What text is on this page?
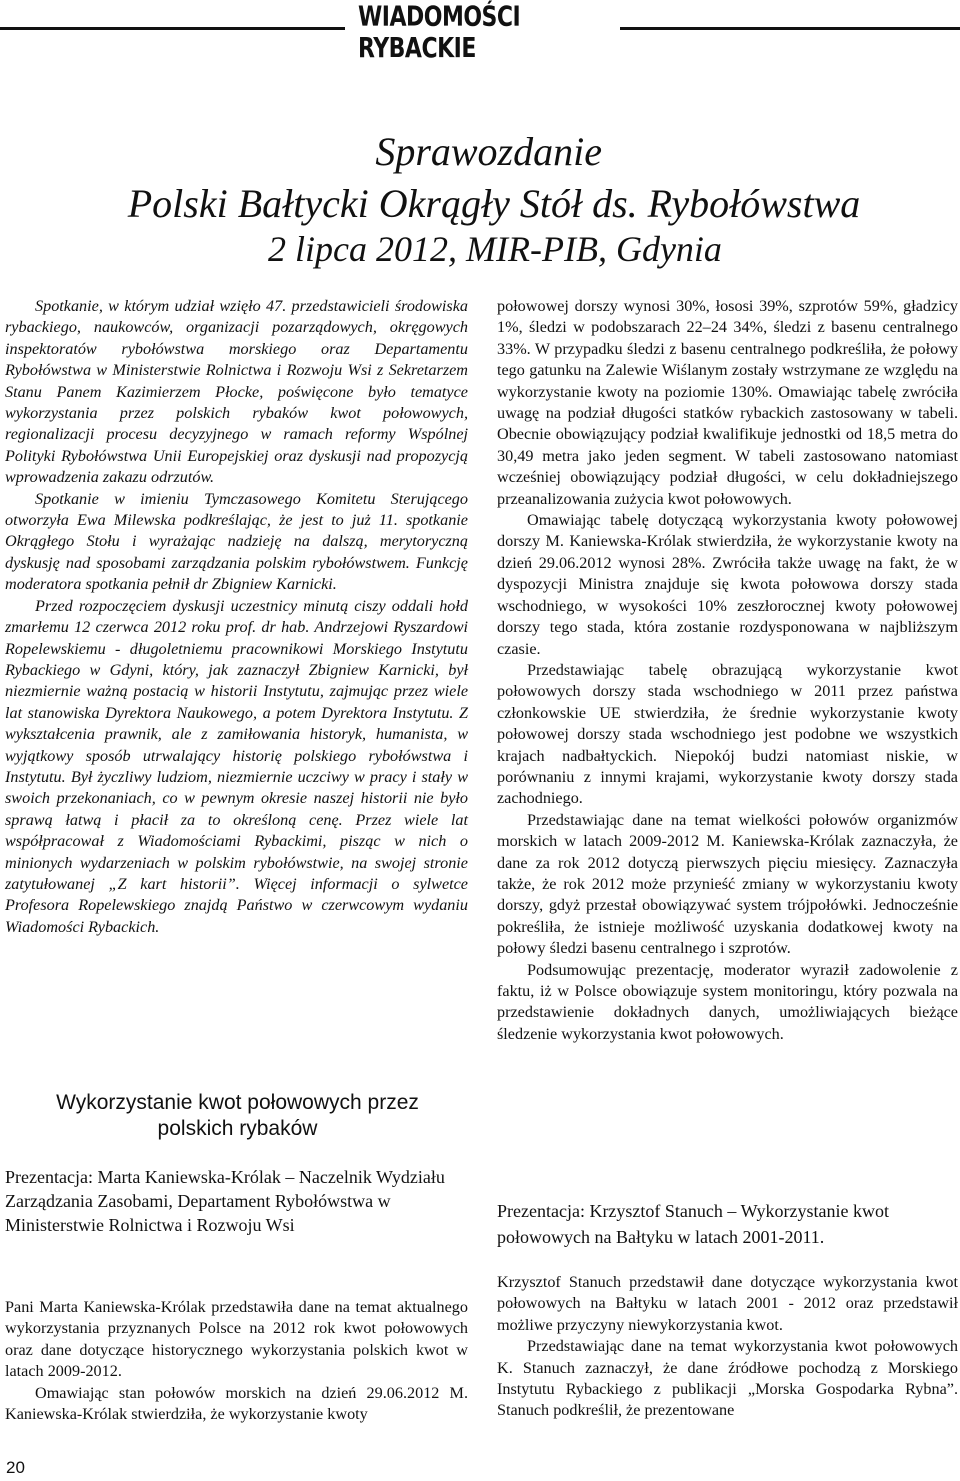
WIADOMOŚCI RYBACKIE
Sprawozdanie
Polski Bałtycki Okrągły Stół ds. Rybołówstwa
2 lipca 2012, MIR-PIB, Gdynia

Spotkanie, w którym udział wzięło 47. przedstawicieli środowiska rybackiego, naukowców, organizacji pozarządowych, okręgowych inspektoratów rybołówstwa morskiego oraz Departamentu Rybołówstwa w Ministerstwie Rolnictwa i Rozwoju Wsi z Sekretarzem Stanu Panem Kazimierzem Płocke, poświęcone było tematyce wykorzystania przez polskich rybaków kwot połowowych, regionalizacji procesu decyzyjnego w ramach reformy Wspólnej Polityki Rybołówstwa Unii Europejskiej oraz dyskusji nad propozycją wprowadzenia zakazu odrzutów.

Spotkanie w imieniu Tymczasowego Komitetu Sterującego otworzyła Ewa Milewska podkreślając, że jest to już 11. spotkanie Okrągłego Stołu i wyrażając nadzieję na dalszą, merytoryczną dyskusję nad sposobami zarządzania polskim rybołówstwem. Funkcję moderatora spotkania pełnił dr Zbigniew Karnicki.

Przed rozpoczęciem dyskusji uczestnicy minutą ciszy oddali hołd zmarłemu 12 czerwca 2012 roku prof. dr hab. Andrzejowi Ryszardowi Ropelewskiemu - długoletniemu pracownikowi Morskiego Instytutu Rybackiego w Gdyni, który, jak zaznaczył Zbigniew Karnicki, był niezmiernie ważną postacią w historii Instytutu, zajmując przez wiele lat stanowiska Dyrektora Naukowego, a potem Dyrektora Instytutu. Z wykształcenia prawnik, ale z zamiłowania historyk, humanista, w wyjątkowy sposób utrwalający historię polskiego rybołówstwa i Instytutu. Był życzliwy ludziom, niezmiernie uczciwy w pracy i stały w swoich przekonaniach, co w pewnym okresie naszej historii nie było sprawą łatwą i płacił za to określoną cenę. Przez wiele lat współpracował z Wiadomościami Rybackimi, pisząc w nich o minionych wydarzeniach w polskim rybołówstwie, na swojej stronie zatytułowanej „Z kart historii”. Więcej informacji o sylwetce Profesora Ropelewskiego znajdą Państwo w czerwcowym wydaniu Wiadomości Rybackich.

Wykorzystanie kwot połowowych przez polskich rybaków
Prezentacja: Marta Kaniewska-Królak – Naczelnik Wydziału Zarządzania Zasobami, Departament Rybołówstwa w Ministerstwie Rolnictwa i Rozwoju Wsi

Pani Marta Kaniewska-Królak przedstawiła dane na temat aktualnego wykorzystania przyznanych Polsce na 2012 rok kwot połowowych oraz dane dotyczące historycznego wykorzystania polskich kwot w latach 2009-2012.

Omawiając stan połowów morskich na dzień 29.06.2012 M. Kaniewska-Królak stwierdziła, że wykorzystanie kwoty

połowowej dorszy wynosi 30%, łososi 39%, szprotów 59%, gładzicy 1%, śledzi w podobszarach 22–24 34%, śledzi z basenu centralnego 33%. W przypadku śledzi z basenu centralnego podkreśliła, że połowy tego gatunku na Zalewie Wiślanym zostały wstrzymane ze względu na wykorzystanie kwoty na poziomie 130%. Omawiając tabelę zwróciła uwagę na podział długości statków rybackich zastosowany w tabeli. Obecnie obowiązujący podział kwalifikuje jednostki od 18,5 metra do 30,49 metra jako jeden segment. W tabeli zastosowano natomiast wcześniej obowiązujący podział długości, w celu dokładniejszego przeanalizowania zużycia kwot połowowych.

Omawiając tabelę dotyczącą wykorzystania kwoty połowowej dorszy M. Kaniewska-Królak stwierdziła, że wykorzystanie kwoty na dzień 29.06.2012 wynosi 28%. Zwróciła także uwagę na fakt, że w dyspozycji Ministra znajduje się kwota połowowa dorszy stada wschodniego, w wysokości 10% zeszłorocznej kwoty połowowej dorszy tego stada, która zostanie rozdysponowana w najbliższym czasie.

Przedstawiając tabelę obrazującą wykorzystanie kwot połowowych dorszy stada wschodniego w 2011 przez państwa członkowskie UE stwierdziła, że średnie wykorzystanie kwoty połowowej dorszy stada wschodniego jest podobne we wszystkich krajach nadbałtyckich. Niepokój budzi natomiast niskie, w porównaniu z innymi krajami, wykorzystanie kwoty dorszy stada zachodniego.

Przedstawiając dane na temat wielkości połowów organizmów morskich w latach 2009-2012 M. Kaniewska-Królak zaznaczyła, że dane za rok 2012 dotyczą pierwszych pięciu miesięcy. Zaznaczyła także, że rok 2012 może przynieść zmiany w wykorzystaniu kwoty dorszy, gdyż przestał obowiązywać system trójpołówki. Jednocześnie pokreśliła, że istnieje możliwość uzyskania dodatkowej kwoty na połowy śledzi basenu centralnego i szprotów.

Podsumowując prezentację, moderator wyraził zadowolenie z faktu, iż w Polsce obowiązuje system monitoringu, który pozwala na przedstawienie dokładnych danych, umożliwiających bieżące śledzenie wykorzystania kwot połowowych.

Prezentacja: Krzysztof Stanuch – Wykorzystanie kwot połowowych na Bałtyku w latach 2001-2011.

Krzysztof Stanuch przedstawił dane dotyczące wykorzystania kwot połowowych na Bałtyku w latach 2001 - 2012 oraz przedstawił możliwe przyczyny niewykorzystania kwot.

Przedstawiając dane na temat wykorzystania kwot połowowych K. Stanuch zaznaczył, że dane źródłowe pochodzą z Morskiego Instytutu Rybackiego z publikacji „Morska Gospodarka Rybna”. Stanuch podkreślił, że prezentowane

20
